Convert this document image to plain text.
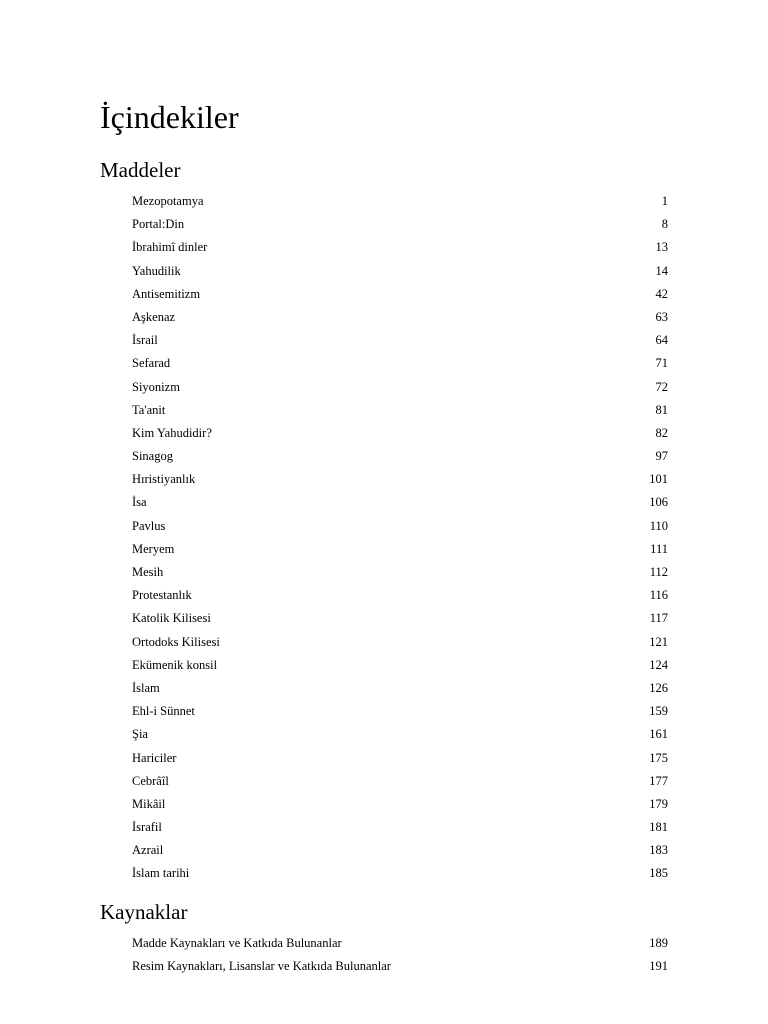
İçindekiler
Maddeler
Mezopotamya	1
Portal:Din	8
İbrahimî dinler	13
Yahudilik	14
Antisemitizm	42
Aşkenaz	63
İsrail	64
Sefarad	71
Siyonizm	72
Ta'anit	81
Kim Yahudidir?	82
Sinagog	97
Hıristiyanlık	101
İsa	106
Pavlus	110
Meryem	111
Mesih	112
Protestanlık	116
Katolik Kilisesi	117
Ortodoks Kilisesi	121
Ekümenik konsil	124
İslam	126
Ehl-i Sünnet	159
Şia	161
Hariciler	175
Cebrâîl	177
Mikâil	179
İsrafil	181
Azrail	183
İslam tarihi	185
Kaynaklar
Madde Kaynakları ve Katkıda Bulunanlar	189
Resim Kaynakları, Lisanslar ve Katkıda Bulunanlar	191
